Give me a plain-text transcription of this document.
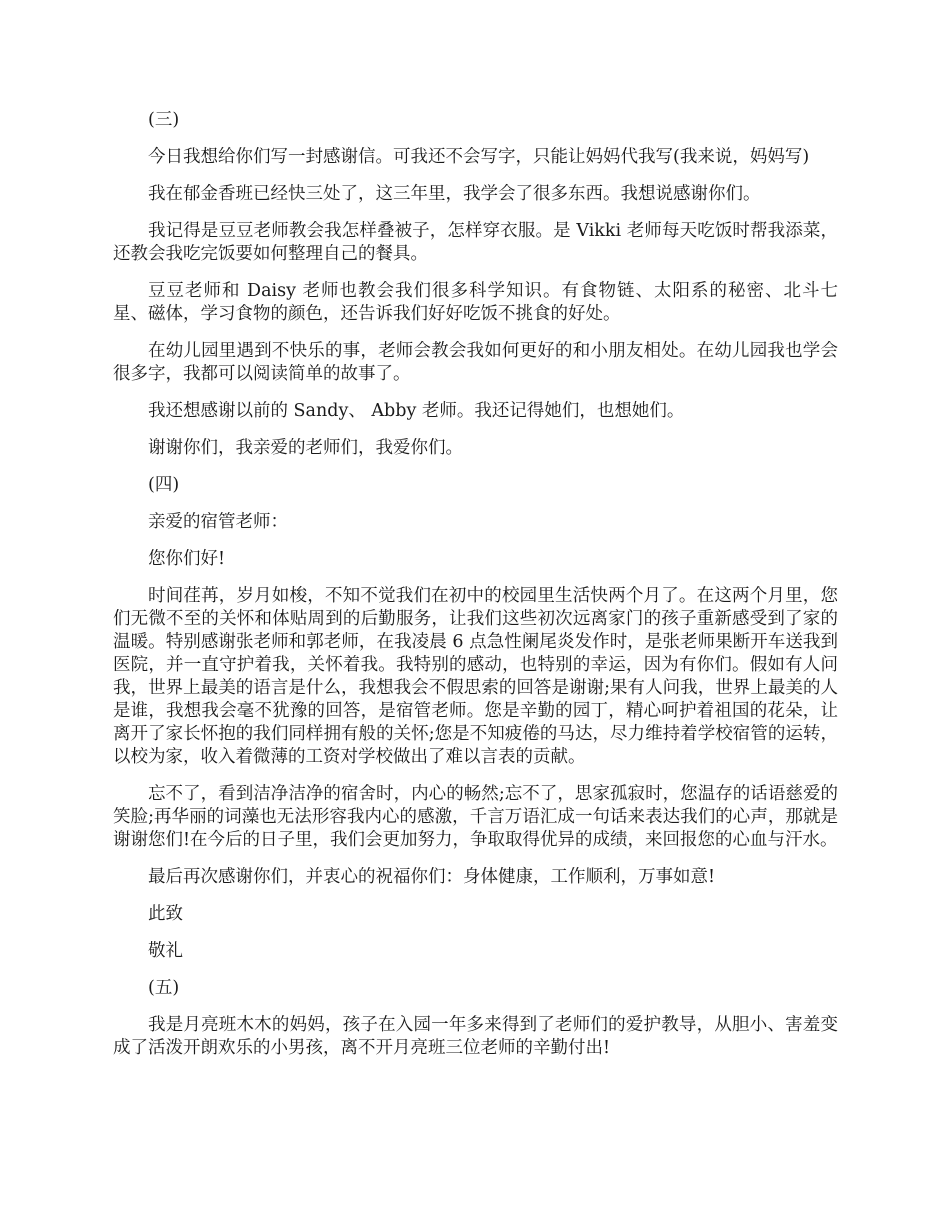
(三)

今日我想给你们写一封感谢信。可我还不会写字，只能让妈妈代我写(我来说，妈妈写)

我在郁金香班已经快三处了，这三年里，我学会了很多东西。我想说感谢你们。

我记得是豆豆老师教会我怎样叠被子，怎样穿衣服。是 Vikki 老师每天吃饭时帮我添菜，还教会我吃完饭要如何整理自己的餐具。

豆豆老师和 Daisy 老师也教会我们很多科学知识。有食物链、太阳系的秘密、北斗七星、磁体，学习食物的颜色，还告诉我们好好吃饭不挑食的好处。

在幼儿园里遇到不快乐的事，老师会教会我如何更好的和小朋友相处。在幼儿园我也学会很多字，我都可以阅读简单的故事了。

我还想感谢以前的 Sandy、 Abby 老师。我还记得她们，也想她们。

谢谢你们，我亲爱的老师们，我爱你们。

(四)

亲爱的宿管老师：

您你们好!

时间荏苒，岁月如梭，不知不觉我们在初中的校园里生活快两个月了。在这两个月里，您们无微不至的关怀和体贴周到的后勤服务，让我们这些初次远离家门的孩子重新感受到了家的温暖。特别感谢张老师和郭老师，在我凌晨 6 点急性阑尾炎发作时，是张老师果断开车送我到医院，并一直守护着我，关怀着我。我特别的感动，也特别的幸运，因为有你们。假如有人问我，世界上最美的语言是什么，我想我会不假思索的回答是谢谢;果有人问我，世界上最美的人是谁，我想我会毫不犹豫的回答，是宿管老师。您是辛勤的园丁，精心呵护着祖国的花朵，让离开了家长怀抱的我们同样拥有般的关怀;您是不知疲倦的马达，尽力维持着学校宿管的运转，以校为家，收入着微薄的工资对学校做出了难以言表的贡献。

忘不了，看到洁净洁净的宿舍时，内心的畅然;忘不了，思家孤寂时，您温存的话语慈爱的笑脸;再华丽的词藻也无法形容我内心的感激，千言万语汇成一句话来表达我们的心声，那就是谢谢您们!在今后的日子里，我们会更加努力，争取取得优异的成绩，来回报您的心血与汗水。

最后再次感谢你们，并衷心的祝福你们：身体健康，工作顺利，万事如意!

此致

敬礼

(五)

我是月亮班木木的妈妈，孩子在入园一年多来得到了老师们的爱护教导，从胆小、害羞变成了活泼开朗欢乐的小男孩，离不开月亮班三位老师的辛勤付出!
